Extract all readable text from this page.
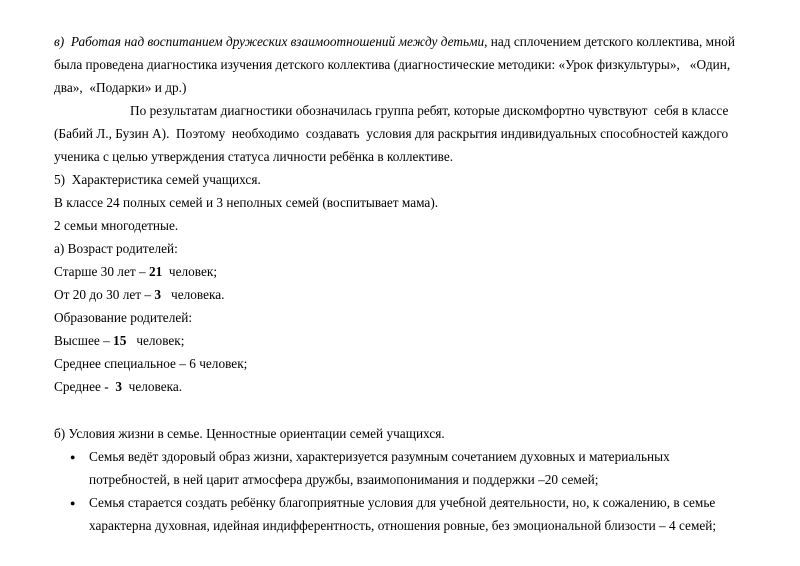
в) Работая над воспитанием дружеских взаимоотношений между детьми, над сплочением детского коллектива, мной
была проведена диагностика изучения детского коллектива (диагностические методики: «Урок физкультуры»,   «Один,
два»,  «Подарки» и др.)
По результатам диагностики обозначилась группа ребят, которые дискомфортно чувствуют  себя в классе
(Бабий Л., Бузин А).  Поэтому  необходимо  создавать  условия для раскрытия индивидуальных способностей каждого
ученика с целью утверждения статуса личности ребёнка в коллективе.
5)  Характеристика семей учащихся.
В классе 24 полных семей и 3 неполных семей (воспитывает мама).
2 семьи многодетные.
а) Возраст родителей:
Старше 30 лет – 21  человек;
От 20 до 30 лет – 3   человека.
Образование родителей:
Высшее – 15   человек;
Среднее специальное – 6 человек;
Среднее -  3  человека.
б) Условия жизни в семье. Ценностные ориентации семей учащихся.
● Семья ведёт здоровый образ жизни, характеризуется разумным сочетанием духовных и материальных
потребностей, в ней царит атмосфера дружбы, взаимопонимания и поддержки –20 семей;
● Семья старается создать ребёнку благоприятные условия для учебной деятельности, но, к сожалению, в семье
характерна духовная, идейная индифферентность, отношения ровные, без эмоциональной близости – 4 семей;
